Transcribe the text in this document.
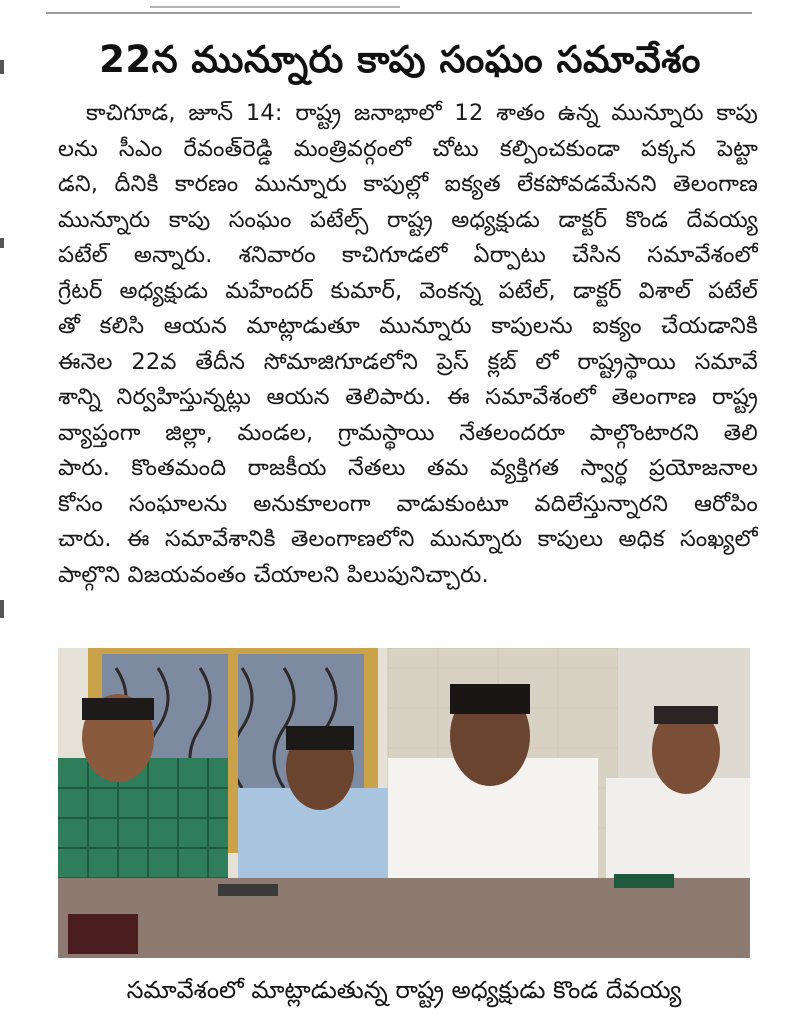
22న మున్నూరు కాపు సంఘం సమావేశం
కాచిగూడ, జూన్ 14: రాష్ట్ర జనాభాలో 12 శాతం ఉన్న మున్నూరు కాపు
లను సీఎం రేవంత్‌రెడ్డి మంత్రివర్గంలో చోటు కల్పించకుండా పక్కన పెట్టా
డని, దీనికి కారణం మున్నూరు కాపుల్లో ఐక్యత లేకపోవడమేనని తెలంగాణ
మున్నూరు కాపు సంఘం పటేల్స్ రాష్ట్ర అధ్యక్షుడు డాక్టర్ కొండ దేవయ్య
పటేల్ అన్నారు. శనివారం కాచిగూడలో ఏర్పాటు చేసిన సమావేశంలో
గ్రేటర్ అధ్యక్షుడు మహేందర్ కుమార్, వెంకన్న పటేల్, డాక్టర్ విశాల్ పటేల్
తో కలిసి ఆయన మాట్లాడుతూ మున్నూరు కాపులను ఐక్యం చేయడానికి
ఈనెల 22వ తేదీన సోమాజిగూడలోని ప్రెస్ క్లబ్ లో రాష్ట్రస్థాయి సమావే
శాన్ని నిర్వహిస్తున్నట్లు ఆయన తెలిపారు. ఈ సమావేశంలో తెలంగాణ రాష్ట్ర
వ్యాప్తంగా జిల్లా, మండల, గ్రామస్థాయి నేతలందరూ పాల్గొంటారని తెలి
పారు. కొంతమంది రాజకీయ నేతలు తమ వ్యక్తిగత స్వార్థ ప్రయోజనాల
కోసం సంఘాలను అనుకూలంగా వాడుకుంటూ వదిలేస్తున్నారని ఆరోపిం
చారు. ఈ సమావేశానికి తెలంగాణలోని మున్నూరు కాపులు అధిక సంఖ్యలో
పాల్గొని విజయవంతం చేయాలని పిలుపునిచ్చారు.
సమావేశంలో మాట్లాడుతున్న రాష్ట్ర అధ్యక్షుడు కొండ దేవయ్య
